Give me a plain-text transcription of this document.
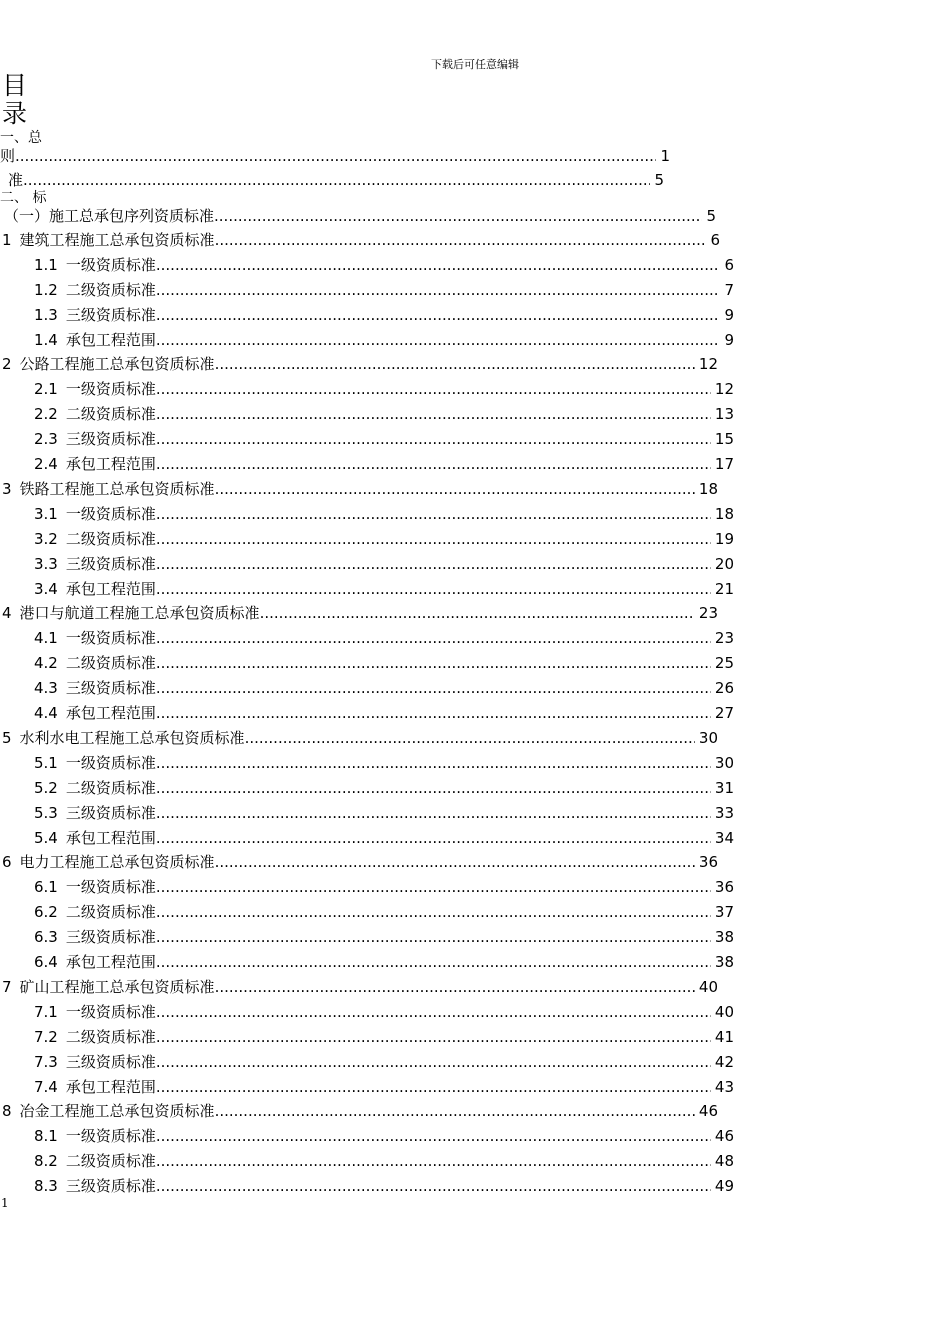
下载后可任意编辑
目
录
一、总
则 .....	1
准 .....	5
二、 标
（一）施工总承包序列资质标准 .....	5
1 建筑工程施工总承包资质标准 .....	6
1.1 一级资质标准 .....	6
1.2 二级资质标准 .....	7
1.3 三级资质标准 .....	9
1.4 承包工程范围 .....	9
2 公路工程施工总承包资质标准 .....	12
2.1 一级资质标准 .....	12
2.2 二级资质标准 .....	13
2.3 三级资质标准 .....	15
2.4 承包工程范围 .....	17
3 铁路工程施工总承包资质标准 .....	18
3.1 一级资质标准 .....	18
3.2 二级资质标准 .....	19
3.3 三级资质标准 .....	20
3.4 承包工程范围 .....	21
4 港口与航道工程施工总承包资质标准 .....	23
4.1 一级资质标准 .....	23
4.2 二级资质标准 .....	25
4.3 三级资质标准 .....	26
4.4 承包工程范围 .....	27
5 水利水电工程施工总承包资质标准 .....	30
5.1 一级资质标准 .....	30
5.2 二级资质标准 .....	31
5.3 三级资质标准 .....	33
5.4 承包工程范围 .....	34
6 电力工程施工总承包资质标准 .....	36
6.1 一级资质标准 .....	36
6.2 二级资质标准 .....	37
6.3 三级资质标准 .....	38
6.4 承包工程范围 .....	38
7 矿山工程施工总承包资质标准 .....	40
7.1 一级资质标准 .....	40
7.2 二级资质标准 .....	41
7.3 三级资质标准 .....	42
7.4 承包工程范围 .....	43
8 冶金工程施工总承包资质标准 .....	46
8.1 一级资质标准 .....	46
8.2 二级资质标准 .....	48
8.3 三级资质标准 .....	49
1
